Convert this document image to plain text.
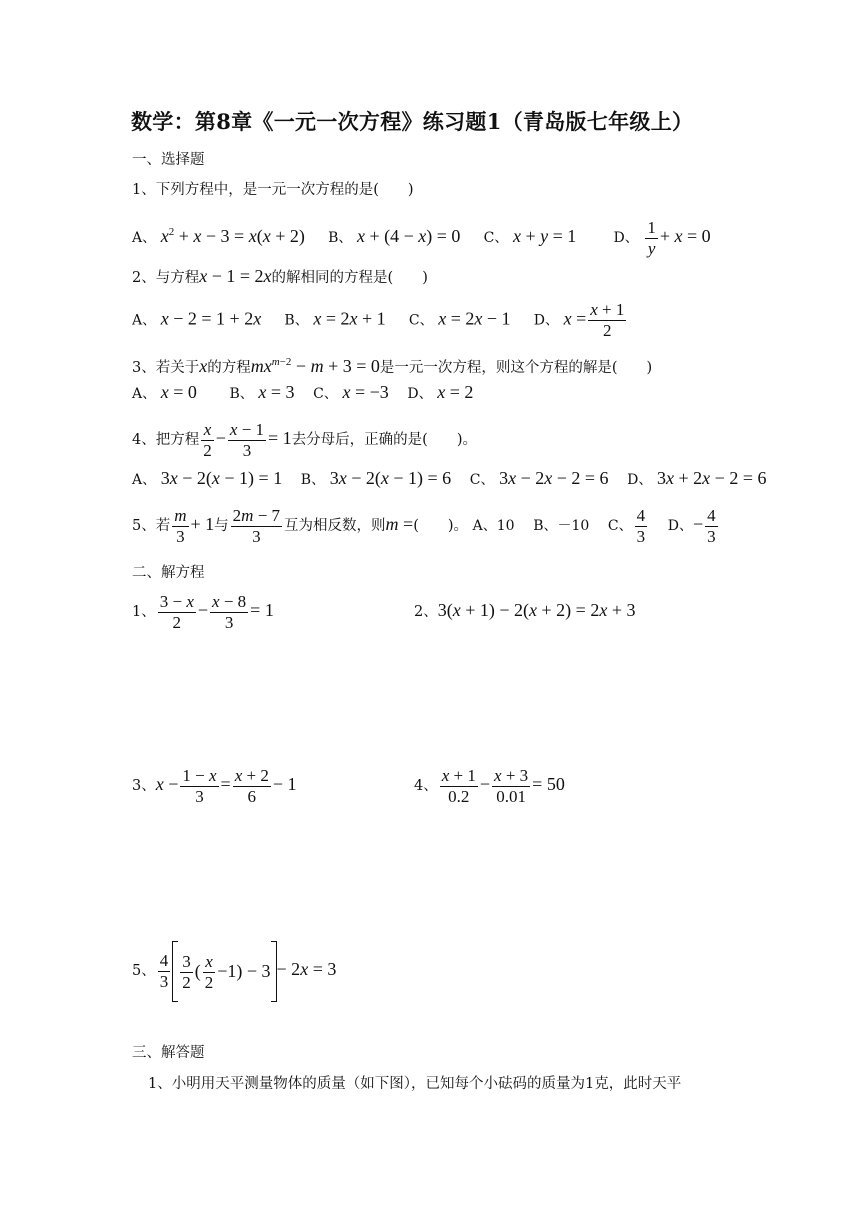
数学：第8章《一元一次方程》练习题1（青岛版七年级上）
一、选择题
1、下列方程中，是一元一次方程的是(　　)
A、 $x^2 + x - 3 = x(x + 2)$ B、 x + (4 − x) = 0 C、 x + y = 1	D、 $\frac{1}{y} + x = 0$
2、与方程x − 1 = 2x的解相同的方程是(　　)
A、 x − 2 = 1 + 2x B、 x = 2x + 1 C、 x = 2x − 1 D、 $x = \frac{x + 1}{2}$
3、若关于x的方程$mx^{m-2} - m + 3 = 0$是一元一次方程，则这个方程的解是(　　)
A、 x = 0 B、 x = 3 C、 x = −3 D、 x = 2
4、把方程 $\frac{x}{2} - \frac{x - 1}{3} = 1$去分母后，正确的是(　　)。
A、 3x − 2(x − 1) = 1 B、 3x − 2(x − 1) = 6 C、 3x − 2x − 2 = 6 D、 3x + 2x − 2 = 6
5、若 $\frac{m}{3} + 1$与 $\frac{2m - 7}{3}$ 互为相反数，则m =(　　)。 A、10 B、－10 C、 $\frac{4}{3}$ D、− $\frac{4}{3}$
二、解方程
1、 $\frac{3 - x}{2} - \frac{x - 8}{3} = 1$	2、3(x + 1) − 2(x + 2) = 2x + 3
3、$x - \frac{1 - x}{3} = \frac{x + 2}{6} - 1$	4、 $\frac{x + 1}{0.2} - \frac{x + 3}{0.01} = 50$
5、 $\frac{4}{3} \frac{3}{2}$ ( $\frac{x}{2} -1) - 3 - 2x = 3$
三、解答题
1、小明用天平测量物体的质量（如下图），已知每个小砝码的质量为1克，此时天平
